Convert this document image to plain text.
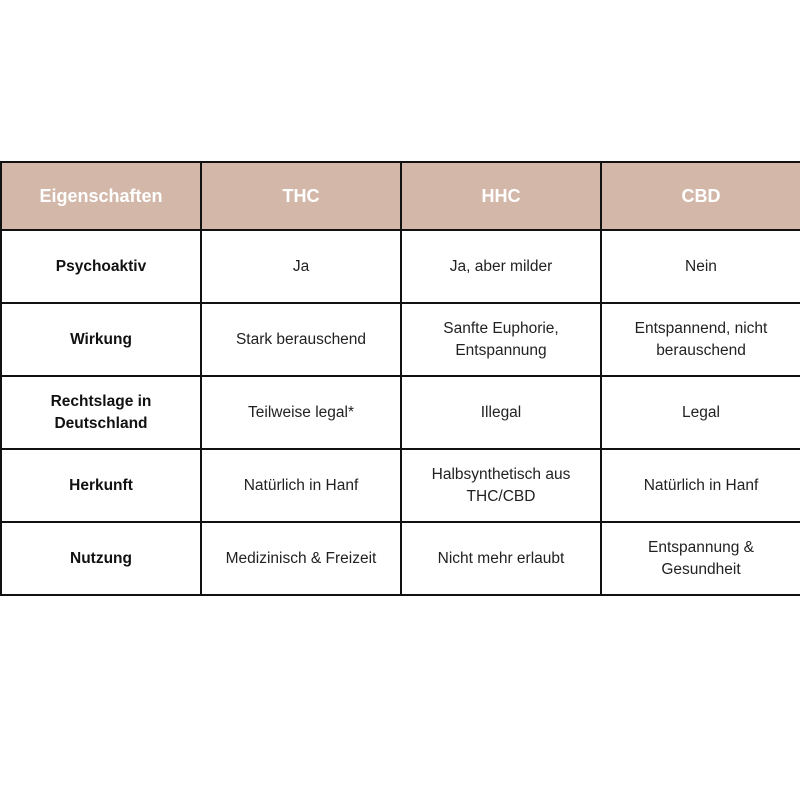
Eigenschaften	THC	HHC	CBD
Psychoaktiv	Ja	Ja, aber milder	Nein
Wirkung	Stark berauschend	Sanfte Euphorie, Entspannung	Entspannend, nicht berauschend
Rechtslage in Deutschland	Teilweise legal*	Illegal	Legal
Herkunft	Natürlich in Hanf	Halbsynthetisch aus THC/CBD	Natürlich in Hanf
Nutzung	Medizinisch & Freizeit	Nicht mehr erlaubt	Entspannung & Gesundheit
